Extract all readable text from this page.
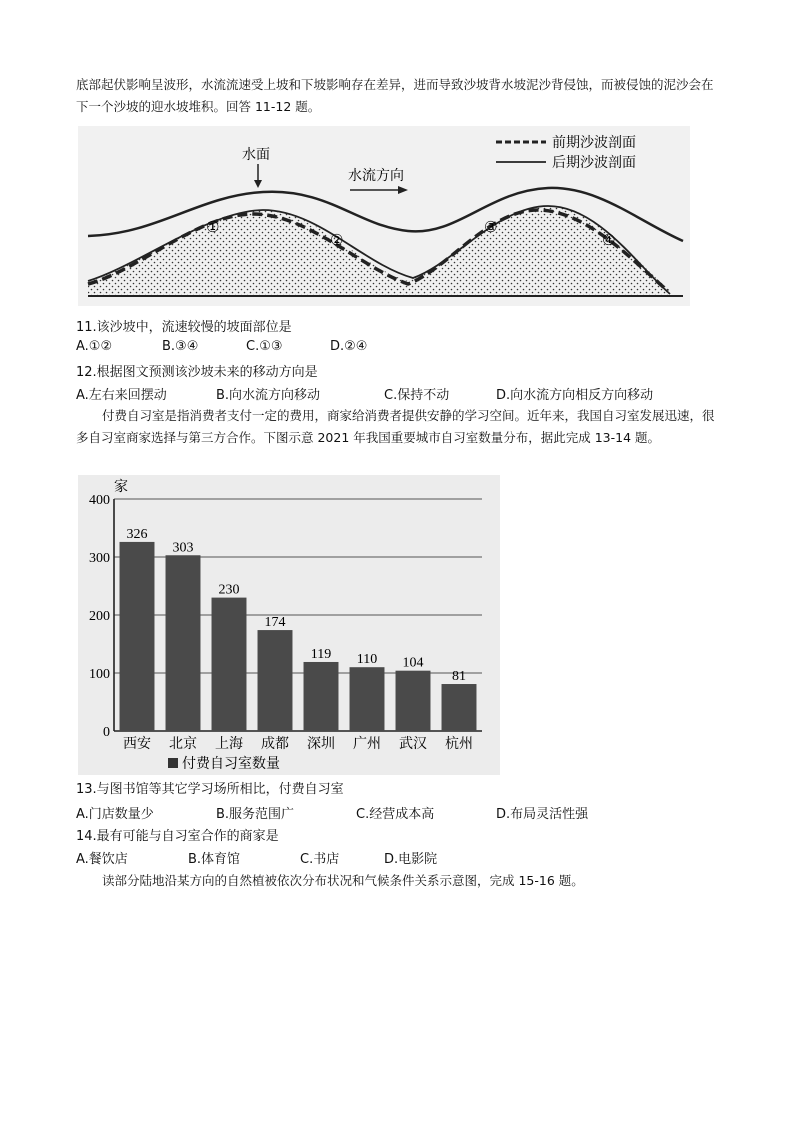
底部起伏影响呈波形，水流流速受上坡和下坡影响存在差异，进而导致沙坡背水坡泥沙背侵蚀，而被侵蚀的泥沙会在下一个沙坡的迎水坡堆积。回答 11-12 题。

前期沙波剖面
后期沙波剖面
水面
水流方向
①
②
③
④

11.该沙坡中，流速较慢的坡面部位是

A.①②	B.③④	C.①③	D.②④

12.根据图文预测该沙坡未来的移动方向是

A.左右来回摆动	B.向水流方向移动	C.保持不动	D.向水流方向相反方向移动

付费自习室是指消费者支付一定的费用，商家给消费者提供安静的学习空间。近年来，我国自习室发展迅速，很多自习室商家选择与第三方合作。下图示意 2021 年我国重要城市自习室数量分布，据此完成 13-14 题。

0
100
200
300
400
326
西安
303
北京
230
上海
174
成都
119
深圳
110
广州
104
武汉
81
杭州
家
付费自习室数量

13.与图书馆等其它学习场所相比，付费自习室

A.门店数量少	B.服务范围广	C.经营成本高	D.布局灵活性强

14.最有可能与自习室合作的商家是

A.餐饮店	B.体育馆	C.书店	D.电影院

读部分陆地沿某方向的自然植被依次分布状况和气候条件关系示意图，完成 15-16 题。
